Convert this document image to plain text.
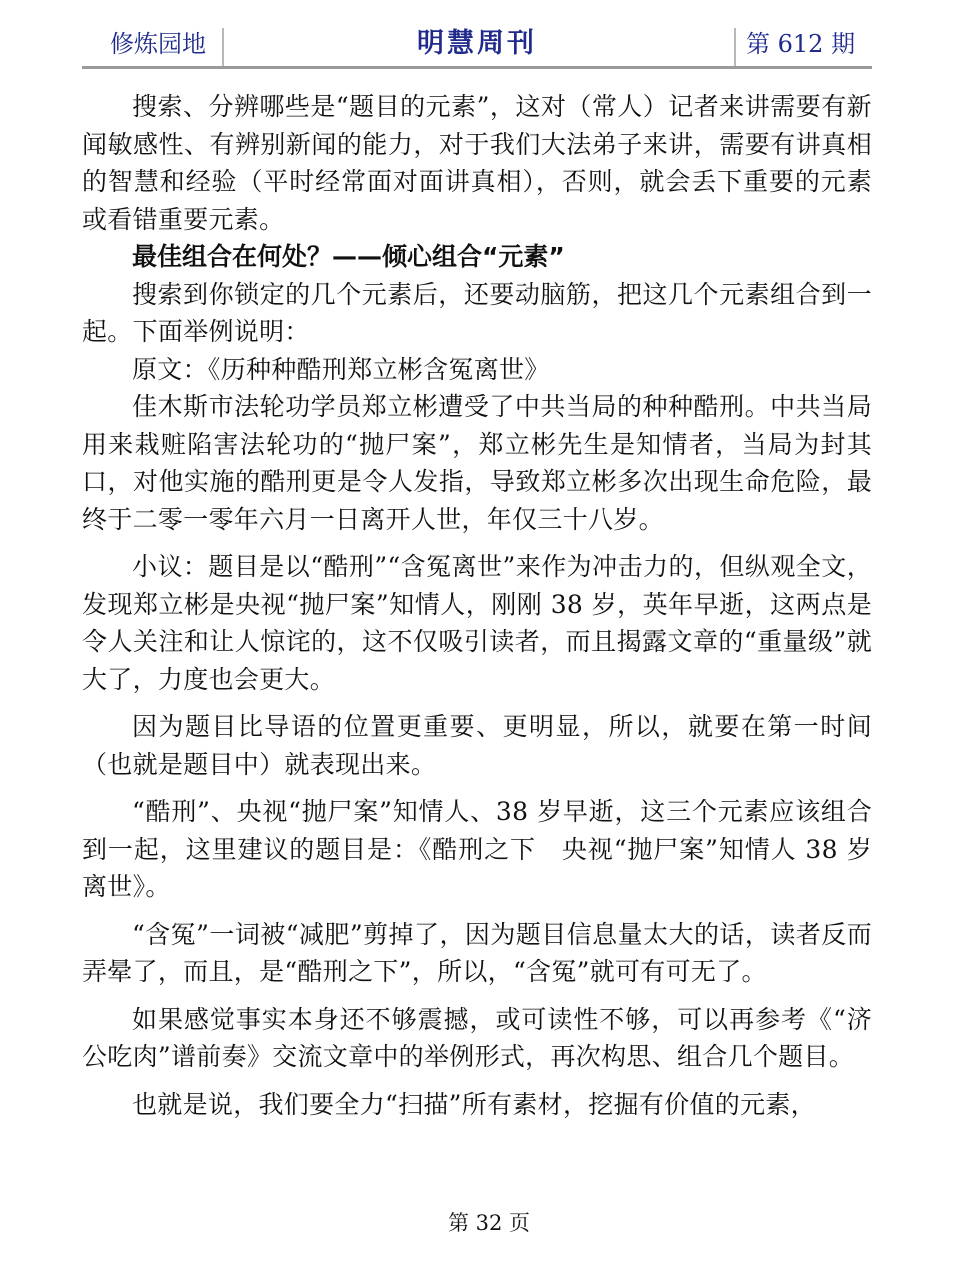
修炼园地	明慧周刊	第 612 期

搜索、分辨哪些是“题目的元素”，这对（常人）记者来讲需要有新闻敏感性、有辨别新闻的能力，对于我们大法弟子来讲，需要有讲真相的智慧和经验（平时经常面对面讲真相），否则，就会丢下重要的元素或看错重要元素。

最佳组合在何处？——倾心组合“元素”

搜索到你锁定的几个元素后，还要动脑筋，把这几个元素组合到一起。下面举例说明：

原文：《历种种酷刑郑立彬含冤离世》

佳木斯市法轮功学员郑立彬遭受了中共当局的种种酷刑。中共当局用来栽赃陷害法轮功的“抛尸案”，郑立彬先生是知情者，当局为封其口，对他实施的酷刑更是令人发指，导致郑立彬多次出现生命危险，最终于二零一零年六月一日离开人世，年仅三十八岁。

小议：题目是以“酷刑”“含冤离世”来作为冲击力的，但纵观全文，发现郑立彬是央视“抛尸案”知情人，刚刚 38 岁，英年早逝，这两点是令人关注和让人惊诧的，这不仅吸引读者，而且揭露文章的“重量级”就大了，力度也会更大。

因为题目比导语的位置更重要、更明显，所以，就要在第一时间（也就是题目中）就表现出来。

“酷刑”、央视“抛尸案”知情人、38 岁早逝，这三个元素应该组合到一起，这里建议的题目是：《酷刑之下　央视“抛尸案”知情人 38 岁离世》。

“含冤”一词被“减肥”剪掉了，因为题目信息量太大的话，读者反而弄晕了，而且，是“酷刑之下”，所以，“含冤”就可有可无了。

如果感觉事实本身还不够震撼，或可读性不够，可以再参考《“济公吃肉”谱前奏》交流文章中的举例形式，再次构思、组合几个题目。

也就是说，我们要全力“扫描”所有素材，挖掘有价值的元素，

第 32 页
